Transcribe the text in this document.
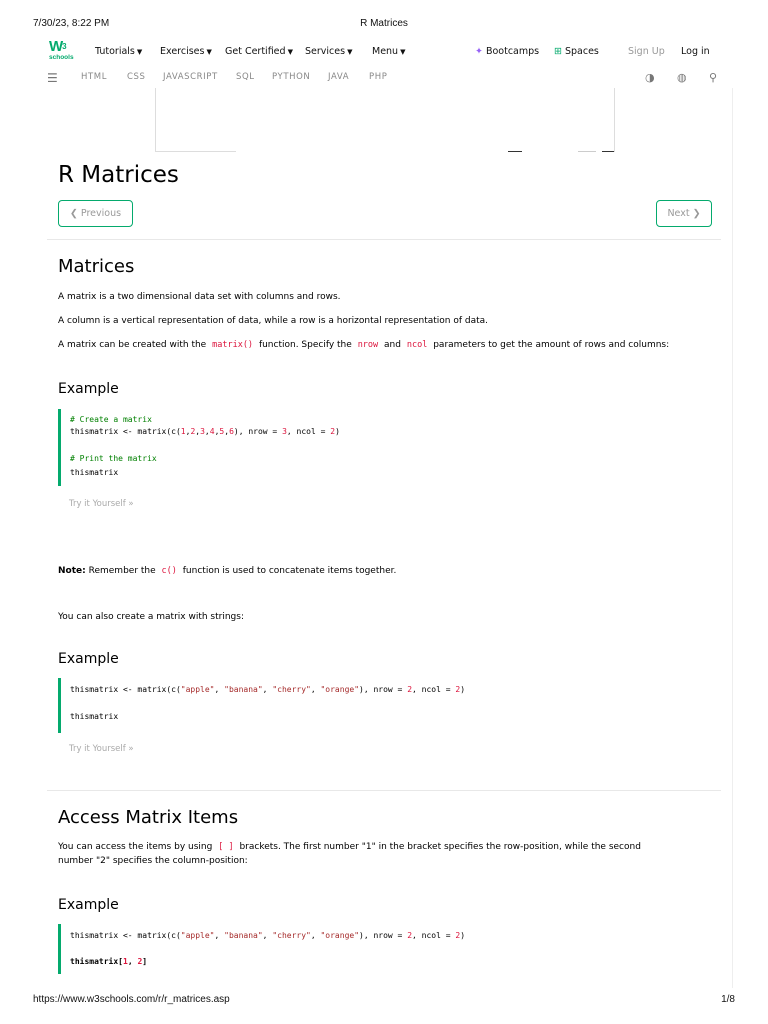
7/30/23, 8:22 PM	R Matrices
$W^3$
schools
Tutorials ▼ Exercises ▼ Get Certified ▼ Services ▼ Menu ▼	✦ Bootcamps ⊞ Spaces	Sign Up Log in
☰	HTML CSS JAVASCRIPT SQL PYTHON JAVA PHP	◑ ◍ ⚲
R Matrices
❮ Previous	Next ❯
Matrices

A matrix is a two dimensional data set with columns and rows.

A column is a vertical representation of data, while a row is a horizontal representation of data.

A matrix can be created with the matrix() function. Specify the nrow and ncol parameters to get the amount of rows and columns:

Example
# Create a matrix
thismatrix <- matrix(c(1,2,3,4,5,6), nrow = 3, ncol = 2)
# Print the matrix
thismatrix
Try it Yourself »

Note: Remember the c() function is used to concatenate items together.

You can also create a matrix with strings:

Example
thismatrix <- matrix(c("apple", "banana", "cherry", "orange"), nrow = 2, ncol = 2)
thismatrix
Try it Yourself »
Access Matrix Items

You can access the items by using [ ] brackets. The first number "1" in the bracket specifies the row-position, while the second
number "2" specifies the column-position:

Example
thismatrix <- matrix(c("apple", "banana", "cherry", "orange"), nrow = 2, ncol = 2)
thismatrix[1, 2]
https://www.w3schools.com/r/r_matrices.asp	1/8
